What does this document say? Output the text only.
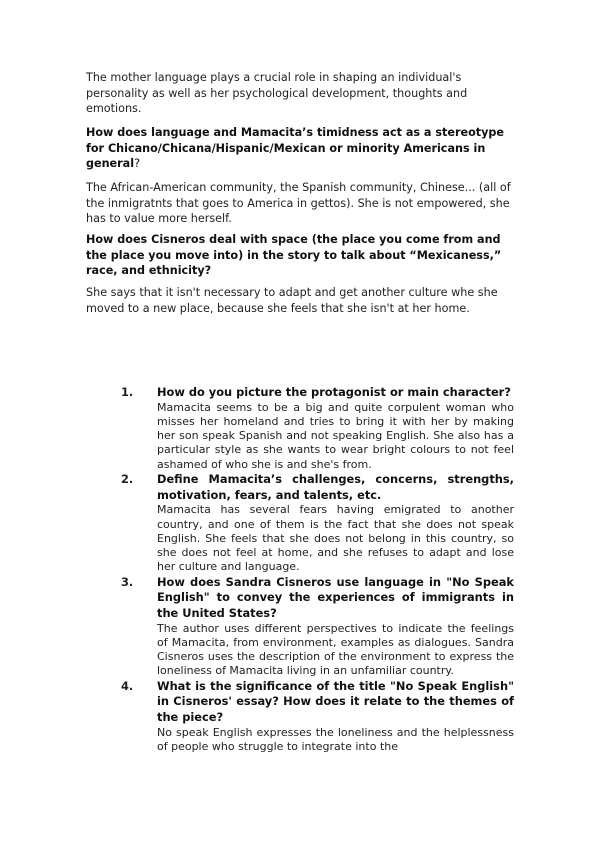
The mother language plays a crucial role in shaping an individual's personality as well as her psychological development, thoughts and emotions.

How does language and Mamacita’s timidness act as a stereotype for Chicano/Chicana/Hispanic/Mexican or minority Americans in general?

The African-American community, the Spanish community, Chinese... (all of the inmigratnts that goes to America in gettos). She is not empowered, she has to value more herself.

How does Cisneros deal with space (the place you come from and the place you move into) in the story to talk about “Mexicaness,” race, and ethnicity?

She says that it isn't necessary to adapt and get another culture whe she moved to a new place, because she feels that she isn't at her home.

1. How do you picture the protagonist or main character?

Mamacita seems to be a big and quite corpulent woman who misses her homeland and tries to bring it with her by making her son speak Spanish and not speaking English. She also has a particular style as she wants to wear bright colours to not feel ashamed of who she is and she's from.

2. Define Mamacita’s challenges, concerns, strengths, motivation, fears, and talents, etc.

Mamacita has several fears having emigrated to another country, and one of them is the fact that she does not speak English. She feels that she does not belong in this country, so she does not feel at home, and she refuses to adapt and lose her culture and language.

3. How does Sandra Cisneros use language in "No Speak English" to convey the experiences of immigrants in the United States?

The author uses different perspectives to indicate the feelings of Mamacita, from environment, examples as dialogues. Sandra Cisneros uses the description of the environment to express the loneliness of Mamacita living in an unfamiliar country.

4. What is the significance of the title "No Speak English" in Cisneros' essay? How does it relate to the themes of the piece?

No speak English expresses the loneliness and the helplessness of people who struggle to integrate into the
